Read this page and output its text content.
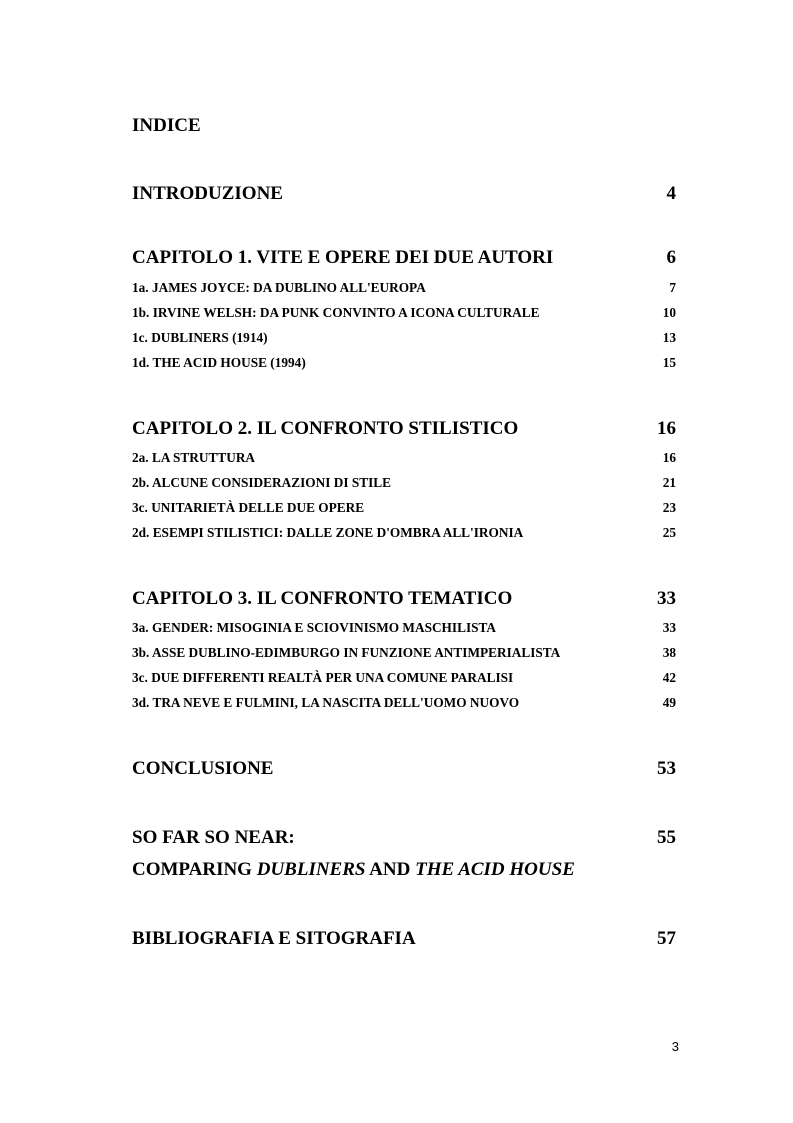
INDICE
INTRODUZIONE	4
CAPITOLO 1. VITE E OPERE DEI DUE AUTORI	6
1a. JAMES JOYCE: DA DUBLINO ALL'EUROPA	7
1b. IRVINE WELSH: DA PUNK CONVINTO A ICONA CULTURALE	10
1c. DUBLINERS (1914)	13
1d. THE ACID HOUSE (1994)	15
CAPITOLO 2. IL CONFRONTO STILISTICO	16
2a. LA STRUTTURA	16
2b. ALCUNE CONSIDERAZIONI DI STILE	21
3c. UNITARIETÀ DELLE DUE OPERE	23
2d. ESEMPI STILISTICI: DALLE ZONE D'OMBRA ALL'IRONIA	25
CAPITOLO 3. IL CONFRONTO TEMATICO	33
3a. GENDER: MISOGINIA E SCIOVINISMO MASCHILISTA	33
3b. ASSE DUBLINO-EDIMBURGO IN FUNZIONE ANTIMPERIALISTA	38
3c. DUE DIFFERENTI REALTÀ PER UNA COMUNE PARALISI	42
3d. TRA NEVE E FULMINI, LA NASCITA DELL'UOMO NUOVO	49
CONCLUSIONE	53
SO FAR SO NEAR:	55
COMPARING DUBLINERS AND THE ACID HOUSE
BIBLIOGRAFIA E SITOGRAFIA	57
3
